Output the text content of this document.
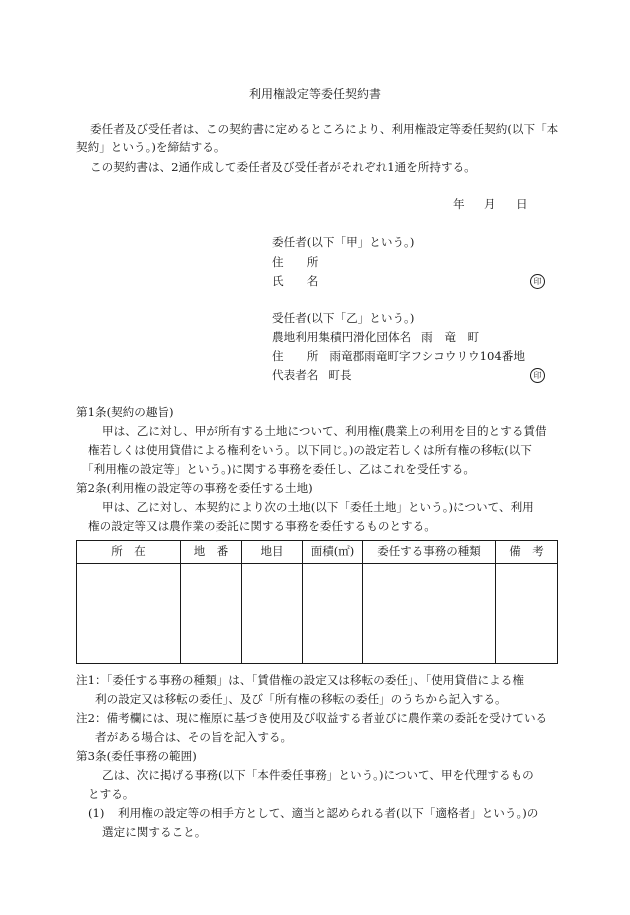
利用権設定等委任契約書
委任者及び受任者は、この契約書に定めるところにより、利用権設定等委任契約(以下「本
契約」という。)を締結する。
この契約書は、2通作成して委任者及び受任者がそれぞれ1通を所持する。
年 月 日
委任者(以下「甲」という。)
住　　所
氏　　名	印
受任者(以下「乙」という。)
農地利用集積円滑化団体名 雨　竜　町
住　　所 雨竜郡雨竜町字フシコウリウ104番地
代表者名 町長	印
第1条(契約の趣旨)
甲は、乙に対し、甲が所有する土地について、利用権(農業上の利用を目的とする賃借
権若しくは使用貸借による権利をいう。以下同じ。)の設定若しくは所有権の移転(以下
「利用権の設定等」という。)に関する事務を委任し、乙はこれを受任する。
第2条(利用権の設定等の事務を委任する土地)
甲は、乙に対し、本契約により次の土地(以下「委任土地」という。)について、利用
権の設定等又は農作業の委託に関する事務を委任するものとする。
所　在	地　番	地目	面積(㎡)	委任する事務の種類	備　考

注1：「委任する事務の種類」は、「賃借権の設定又は移転の委任」、「使用貸借による権
利の設定又は移転の委任」、及び「所有権の移転の委任」のうちから記入する。
注2：備考欄には、現に権原に基づき使用及び収益する者並びに農作業の委託を受けている
者がある場合は、その旨を記入する。
第3条(委任事務の範囲)
乙は、次に掲げる事務(以下「本件委任事務」という。)について、甲を代理するもの
とする。
(1) 利用権の設定等の相手方として、適当と認められる者(以下「適格者」という。)の
選定に関すること。
